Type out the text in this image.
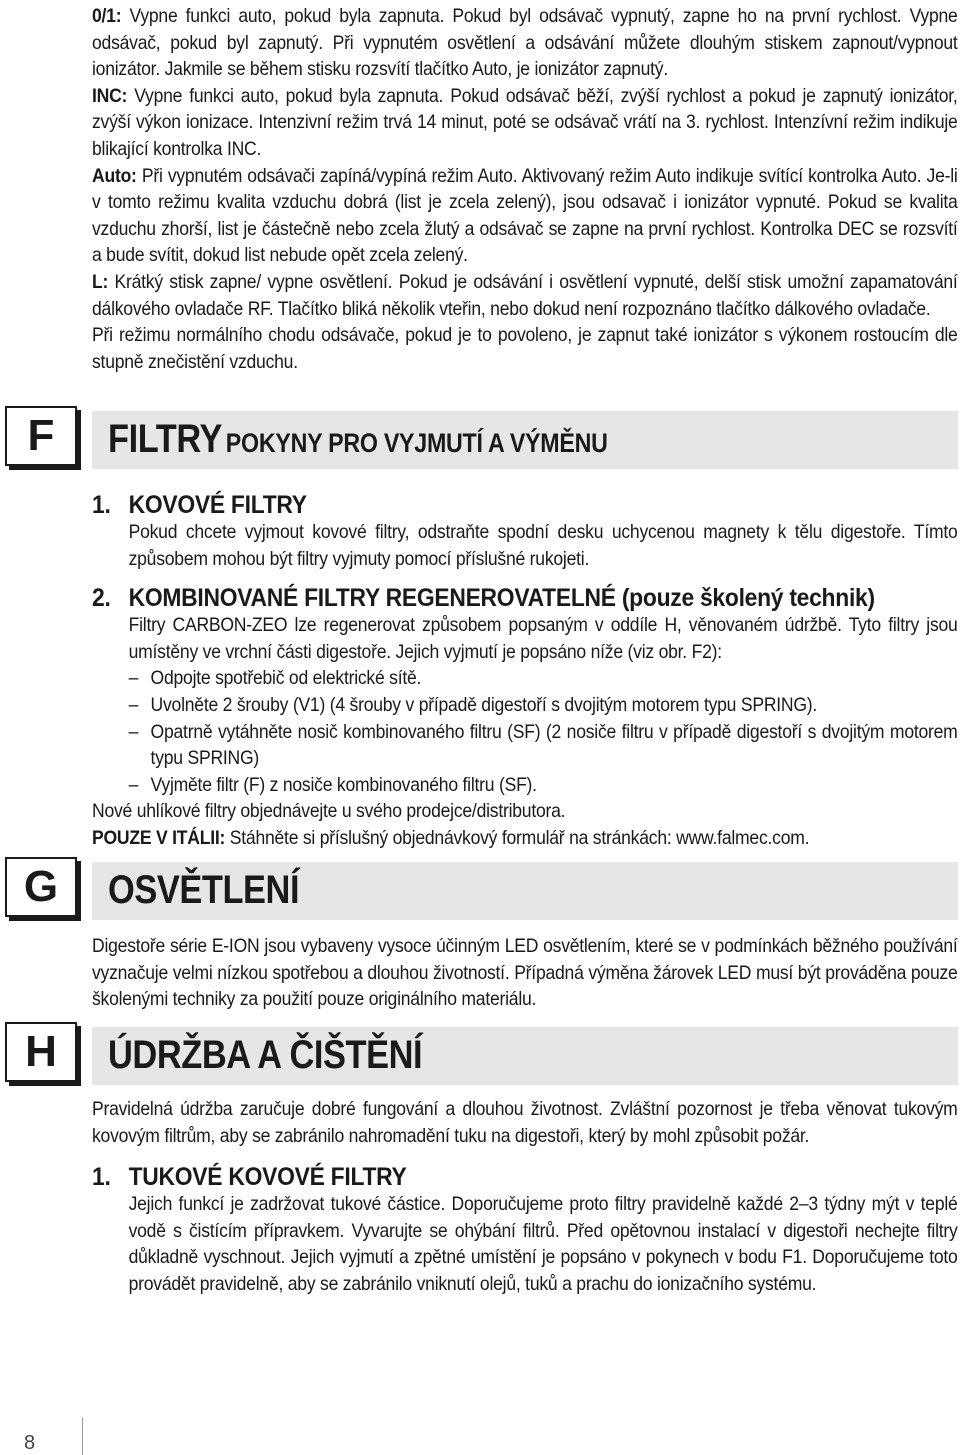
0/1: Vypne funkci auto, pokud byla zapnuta. Pokud byl odsávač vypnutý, zapne ho na první rychlost. Vypne odsávač, pokud byl zapnutý. Při vypnutém osvětlení a odsávání můžete dlouhým stiskem zapnout/vypnout ionizátor. Jakmile se během stisku rozsvítí tlačítko Auto, je ionizátor zapnutý.

INC: Vypne funkci auto, pokud byla zapnuta. Pokud odsávač běží, zvýší rychlost a pokud je zapnutý ionizátor, zvýší výkon ionizace. Intenzivní režim trvá 14 minut, poté se odsávač vrátí na 3. rychlost. Intenzívní režim indikuje blikající kontrolka INC.

Auto: Při vypnutém odsávači zapíná/vypíná režim Auto. Aktivovaný režim Auto indikuje svítící kontrolka Auto. Je-li v tomto režimu kvalita vzduchu dobrá (list je zcela zelený), jsou odsavač i ionizátor vypnuté. Pokud se kvalita vzduchu zhorší, list je částečně nebo zcela žlutý a odsávač se zapne na první rychlost. Kontrolka DEC se rozsvítí a bude svítit, dokud list nebude opět zcela zelený.

L: Krátký stisk zapne/ vypne osvětlení. Pokud je odsávání i osvětlení vypnuté, delší stisk umožní zapamatování dálkového ovladače RF. Tlačítko bliká několik vteřin, nebo dokud není rozpoznáno tlačítko dálkového ovladače.

Při režimu normálního chodu odsávače, pokud je to povoleno, je zapnut také ionizátor s výkonem rostoucím dle stupně znečistění vzduchu.

F	FILTRY POKYNY PRO VYJMUTÍ A VÝMĚNU

1. KOVOVÉ FILTRY

Pokud chcete vyjmout kovové filtry, odstraňte spodní desku uchycenou magnety k tělu digestoře. Tímto způsobem mohou být filtry vyjmuty pomocí příslušné rukojeti.

2. KOMBINOVANÉ FILTRY REGENEROVATELNÉ (pouze školený technik)

Filtry CARBON-ZEO lze regenerovat způsobem popsaným v oddíle H, věnovaném údržbě. Tyto filtry jsou umístěny ve vrchní části digestoře. Jejich vyjmutí je popsáno níže (viz obr. F2):

– Odpojte spotřebič od elektrické sítě.

– Uvolněte 2 šrouby (V1) (4 šrouby v případě digestoří s dvojitým motorem typu SPRING).

– Opatrně vytáhněte nosič kombinovaného filtru (SF) (2 nosiče filtru v případě digestoří s dvojitým motorem typu SPRING)

– Vyjměte filtr (F) z nosiče kombinovaného filtru (SF).

Nové uhlíkové filtry objednávejte u svého prodejce/distributora.

POUZE V ITÁLII: Stáhněte si příslušný objednávkový formulář na stránkách: www.falmec.com.

G	OSVĚTLENÍ

Digestoře série E-ION jsou vybaveny vysoce účinným LED osvětlením, které se v podmínkách běžného používání vyznačuje velmi nízkou spotřebou a dlouhou životností. Případná výměna žárovek LED musí být prováděna pouze školenými techniky za použití pouze originálního materiálu.

H	ÚDRŽBA A ČIŠTĚNÍ

Pravidelná údržba zaručuje dobré fungování a dlouhou životnost. Zvláštní pozornost je třeba věnovat tukovým kovovým filtrům, aby se zabránilo nahromadění tuku na digestoři, který by mohl způsobit požár.

1. TUKOVÉ KOVOVÉ FILTRY

Jejich funkcí je zadržovat tukové částice. Doporučujeme proto filtry pravidelně každé 2–3 týdny mýt v teplé vodě s čistícím přípravkem. Vyvarujte se ohýbání filtrů. Před opětovnou instalací v digestoři nechejte filtry důkladně vyschnout. Jejich vyjmutí a zpětné umístění je popsáno v pokynech v bodu F1. Doporučujeme toto provádět pravidelně, aby se zabránilo vniknutí olejů, tuků a prachu do ionizačního systému.

8
